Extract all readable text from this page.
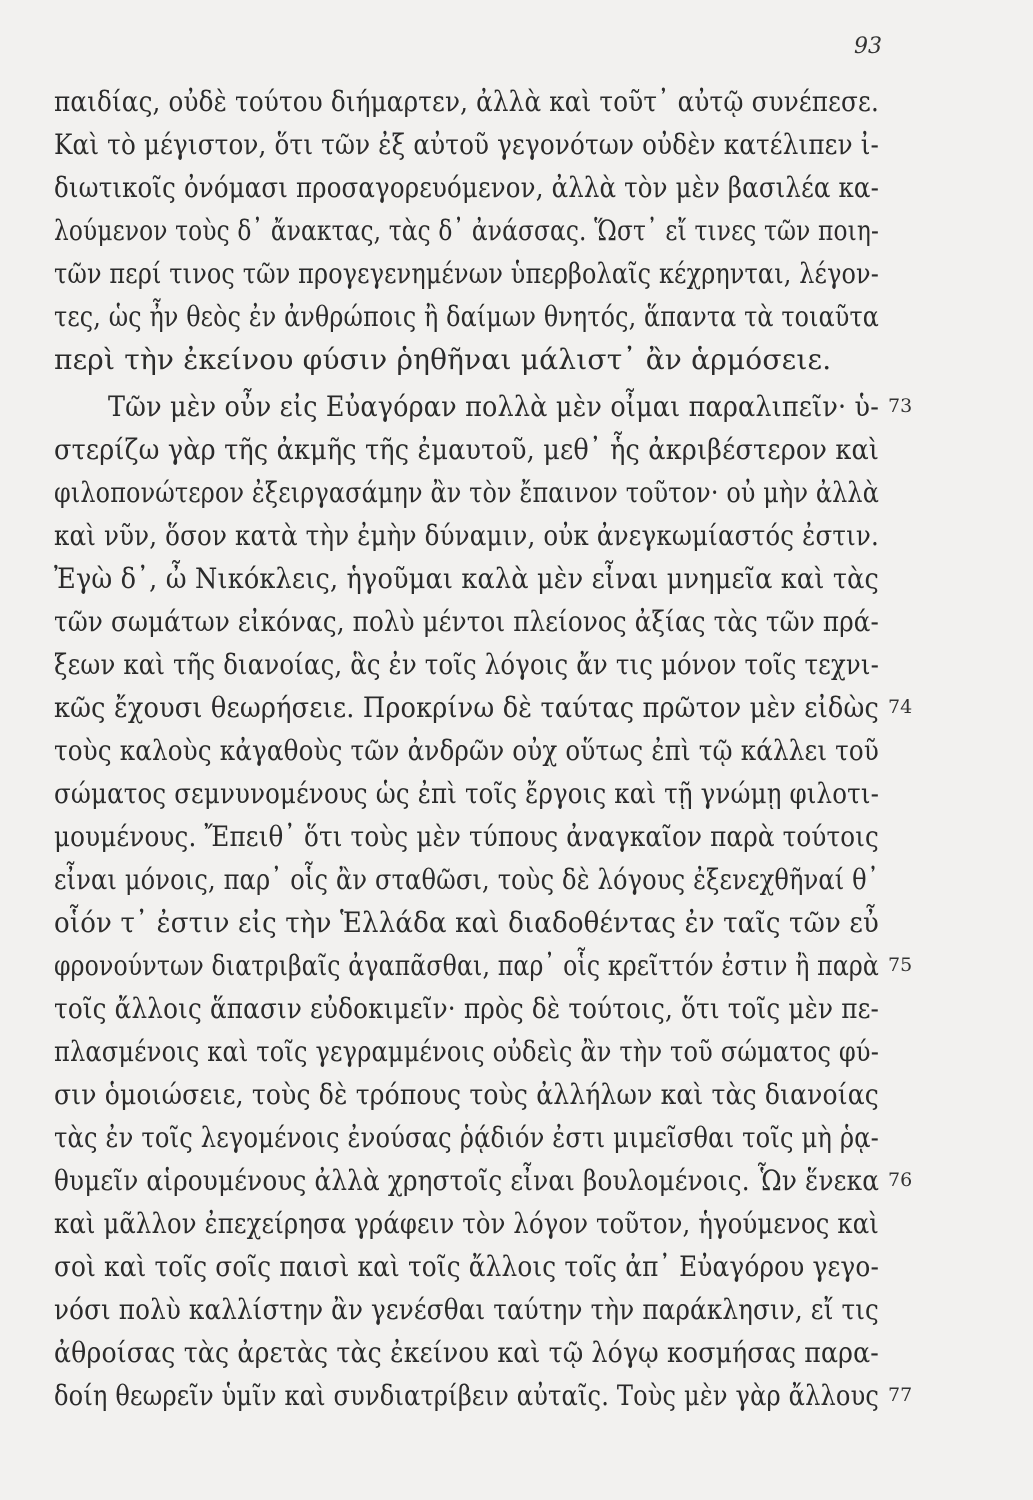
93
παιδίας, οὐδὲ τούτου διήμαρτεν, ἀλλὰ καὶ τοῦτ᾽ αὐτῷ συνέπεσε.
Καὶ τὸ μέγιστον, ὅτι τῶν ἐξ αὐτοῦ γεγονότων οὐδὲν κατέλιπεν ἰ-
διωτικοῖς ὀνόμασι προσαγορευόμενον, ἀλλὰ τὸν μὲν βασιλέα κα-
λούμενον τοὺς δ᾽ ἄνακτας, τὰς δ᾽ ἀνάσσας. Ὥστ᾽ εἴ τινες τῶν ποιη-
τῶν περί τινος τῶν προγεγενημένων ὑπερβολαῖς κέχρηνται, λέγον-
τες, ὡς ἦν θεὸς ἐν ἀνθρώποις ἢ δαίμων θνητός, ἅπαντα τὰ τοιαῦτα
περὶ τὴν ἐκείνου φύσιν ῥηθῆναι μάλιστ᾽ ἂν ἁρμόσειε.
Τῶν μὲν οὖν εἰς Εὐαγόραν πολλὰ μὲν οἶμαι παραλιπεῖν· ὑ- 73
στερίζω γὰρ τῆς ἀκμῆς τῆς ἐμαυτοῦ, μεθ᾽ ἧς ἀκριβέστερον καὶ
φιλοπονώτερον ἐξειργασάμην ἂν τὸν ἔπαινον τοῦτον· οὐ μὴν ἀλλὰ
καὶ νῦν, ὅσον κατὰ τὴν ἐμὴν δύναμιν, οὐκ ἀνεγκωμίαστός ἐστιν.
Ἐγὼ δ᾽, ὦ Νικόκλεις, ἡγοῦμαι καλὰ μὲν εἶναι μνημεῖα καὶ τὰς
τῶν σωμάτων εἰκόνας, πολὺ μέντοι πλείονος ἀξίας τὰς τῶν πρά-
ξεων καὶ τῆς διανοίας, ἃς ἐν τοῖς λόγοις ἄν τις μόνον τοῖς τεχνι-
κῶς ἔχουσι θεωρήσειε. Προκρίνω δὲ ταύτας πρῶτον μὲν εἰδὼς 74
τοὺς καλοὺς κἀγαθοὺς τῶν ἀνδρῶν οὐχ οὕτως ἐπὶ τῷ κάλλει τοῦ
σώματος σεμνυνομένους ὡς ἐπὶ τοῖς ἔργοις καὶ τῇ γνώμῃ φιλοτι-
μουμένους. Ἔπειθ᾽ ὅτι τοὺς μὲν τύπους ἀναγκαῖον παρὰ τούτοις
εἶναι μόνοις, παρ᾽ οἷς ἂν σταθῶσι, τοὺς δὲ λόγους ἐξενεχθῆναί θ᾽
οἷόν τ᾽ ἐστιν εἰς τὴν Ἑλλάδα καὶ διαδοθέντας ἐν ταῖς τῶν εὖ
φρονούντων διατριβαῖς ἀγαπᾶσθαι, παρ᾽ οἷς κρεῖττόν ἐστιν ἢ παρὰ 75
τοῖς ἄλλοις ἅπασιν εὐδοκιμεῖν· πρὸς δὲ τούτοις, ὅτι τοῖς μὲν πε-
πλασμένοις καὶ τοῖς γεγραμμένοις οὐδεὶς ἂν τὴν τοῦ σώματος φύ-
σιν ὁμοιώσειε, τοὺς δὲ τρόπους τοὺς ἀλλήλων καὶ τὰς διανοίας
τὰς ἐν τοῖς λεγομένοις ἐνούσας ῥᾴδιόν ἐστι μιμεῖσθαι τοῖς μὴ ῥᾳ-
θυμεῖν αἱρουμένους ἀλλὰ χρηστοῖς εἶναι βουλομένοις. Ὧν ἕνεκα 76
καὶ μᾶλλον ἐπεχείρησα γράφειν τὸν λόγον τοῦτον, ἡγούμενος καὶ
σοὶ καὶ τοῖς σοῖς παισὶ καὶ τοῖς ἄλλοις τοῖς ἀπ᾽ Εὐαγόρου γεγο-
νόσι πολὺ καλλίστην ἂν γενέσθαι ταύτην τὴν παράκλησιν, εἴ τις
ἀθροίσας τὰς ἀρετὰς τὰς ἐκείνου καὶ τῷ λόγῳ κοσμήσας παρα-
δοίη θεωρεῖν ὑμῖν καὶ συνδιατρίβειν αὐταῖς. Τοὺς μὲν γὰρ ἄλλους 77
